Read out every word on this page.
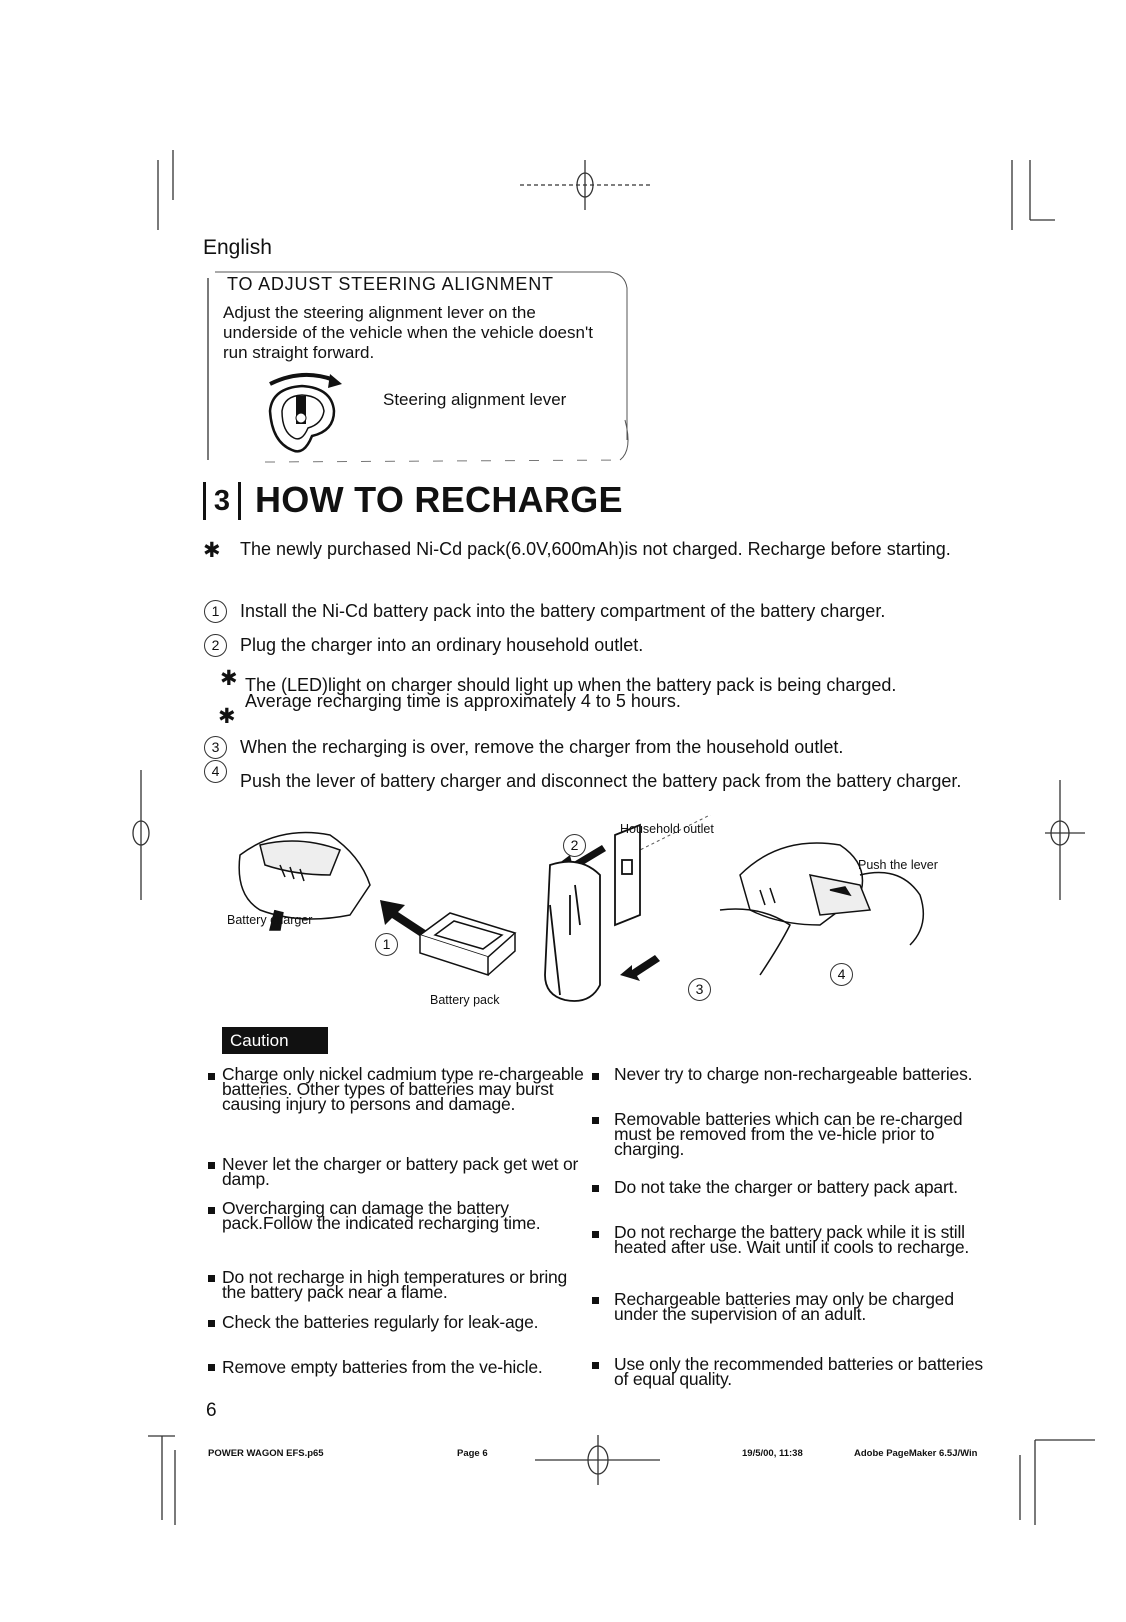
English
TO ADJUST STEERING ALIGNMENT
Adjust the steering alignment lever on the underside of the vehicle when the vehicle doesn't run straight forward.
Steering alignment lever
3 HOW TO RECHARGE
✱ The newly purchased Ni-Cd pack(6.0V,600mAh)is not charged. Recharge before starting.
1	Install the Ni-Cd battery pack into the battery compartment of the battery charger.
2	Plug the charger into an ordinary household outlet.
✱ The (LED)light on charger should light up when the battery pack is being charged.
Average recharging time is approximately 4 to 5 hours.
✱
3	When the recharging is over, remove the charger from the household outlet.
4	Push the lever of battery charger and disconnect the battery pack from the battery charger.
Household outlet
Push the lever
Battery charger
Battery pack
1
2
3
4
Caution
Charge only nickel cadmium type re-chargeable batteries. Other types of batteries may burst causing injury to persons and damage.
Never let the charger or battery pack get wet or damp.
Overcharging can damage the battery pack.Follow the indicated recharging time.
Do not recharge in high temperatures or bring the battery pack near a flame.
Check the batteries regularly for leak-age.
Remove empty batteries from the ve-hicle.
Never try to charge non-rechargeable batteries.
Removable batteries which can be re-charged must be removed from the ve-hicle prior to charging.
Do not take the charger or battery pack apart.
Do not recharge the battery pack while it is still heated after use. Wait until it cools to recharge.
Rechargeable batteries may only be charged under the supervision of an adult.
Use only the recommended batteries or batteries of equal quality.
6
POWER WAGON EFS.p65	Page 6	19/5/00, 11:38	Adobe PageMaker 6.5J/Win
